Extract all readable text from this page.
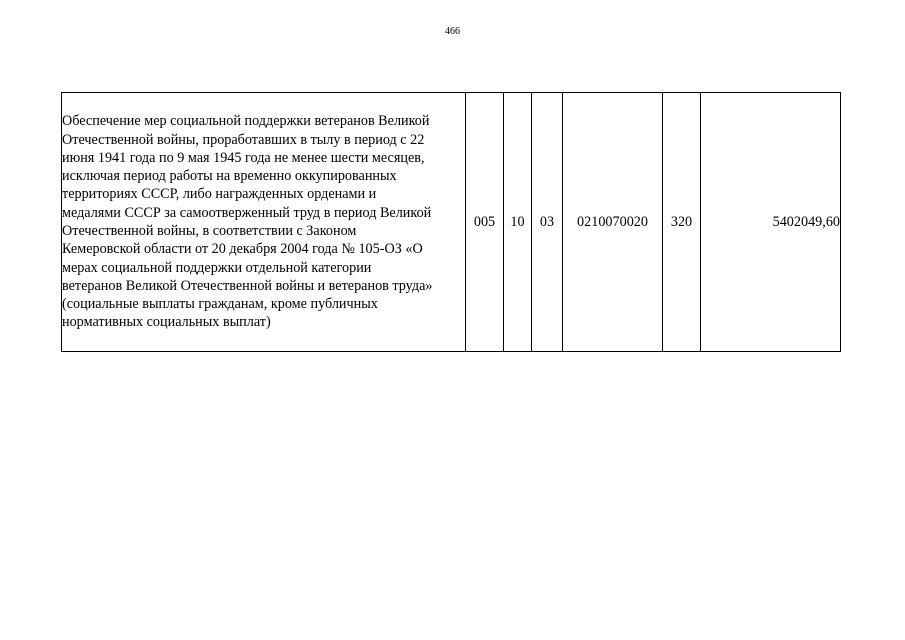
466
Обеспечение мер социальной поддержки ветеранов Великой
Отечественной войны, проработавших в тылу в период с 22
июня 1941 года по 9 мая 1945 года не менее шести месяцев,
исключая период работы на временно оккупированных
территориях СССР, либо награжденных орденами и
медалями СССР за самоотверженный труд в период Великой
Отечественной войны, в соответствии с Законом
Кемеровской области от 20 декабря 2004 года № 105-ОЗ «О
мерах социальной поддержки отдельной категории
ветеранов Великой Отечественной войны и ветеранов труда»
(социальные выплаты гражданам, кроме публичных
нормативных социальных выплат)
	005	10	03	0210070020	320	5402049,60
